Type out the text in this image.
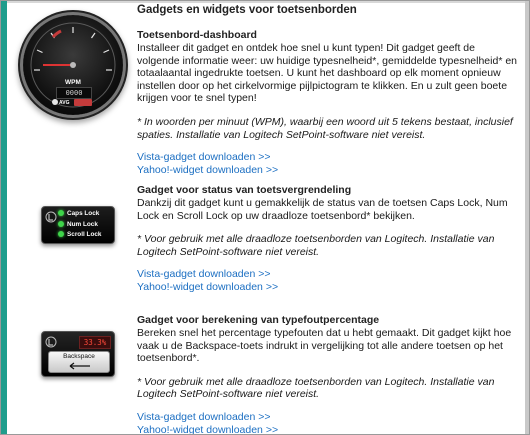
Gadgets en widgets voor toetsenborden
WPM
0000
AVG
Toetsenbord-dashboard

Installeer dit gadget en ontdek hoe snel u kunt typen! Dit gadget geeft de volgende informatie weer: uw huidige typesnelheid*, gemiddelde typesnelheid* en totaalaantal ingedrukte toetsen. U kunt het dashboard op elk moment opnieuw instellen door op het cirkelvormige pijlpictogram te klikken. En u zult geen boete krijgen voor te snel typen!

* In woorden per minuut (WPM), waarbij een woord uit 5 tekens bestaat, inclusief spaties. Installatie van Logitech SetPoint-software niet vereist.

Vista-gadget downloaden >>
Yahoo!-widget downloaden >>
Caps Lock
Num Lock
Scroll Lock
Gadget voor status van toetsvergrendeling

Dankzij dit gadget kunt u gemakkelijk de status van de toetsen Caps Lock, Num Lock en Scroll Lock op uw draadloze toetsenbord* bekijken.

* Voor gebruik met alle draadloze toetsenborden van Logitech. Installatie van Logitech SetPoint-software niet vereist.

Vista-gadget downloaden >>
Yahoo!-widget downloaden >>
33.3%
Backspace
Gadget voor berekening van typefoutpercentage

Bereken snel het percentage typefouten dat u hebt gemaakt. Dit gadget kijkt hoe vaak u de Backspace-toets indrukt in vergelijking tot alle andere toetsen op het toetsenbord*.

* Voor gebruik met alle draadloze toetsenborden van Logitech. Installatie van Logitech SetPoint-software niet vereist.

Vista-gadget downloaden >>
Yahoo!-widget downloaden >>
